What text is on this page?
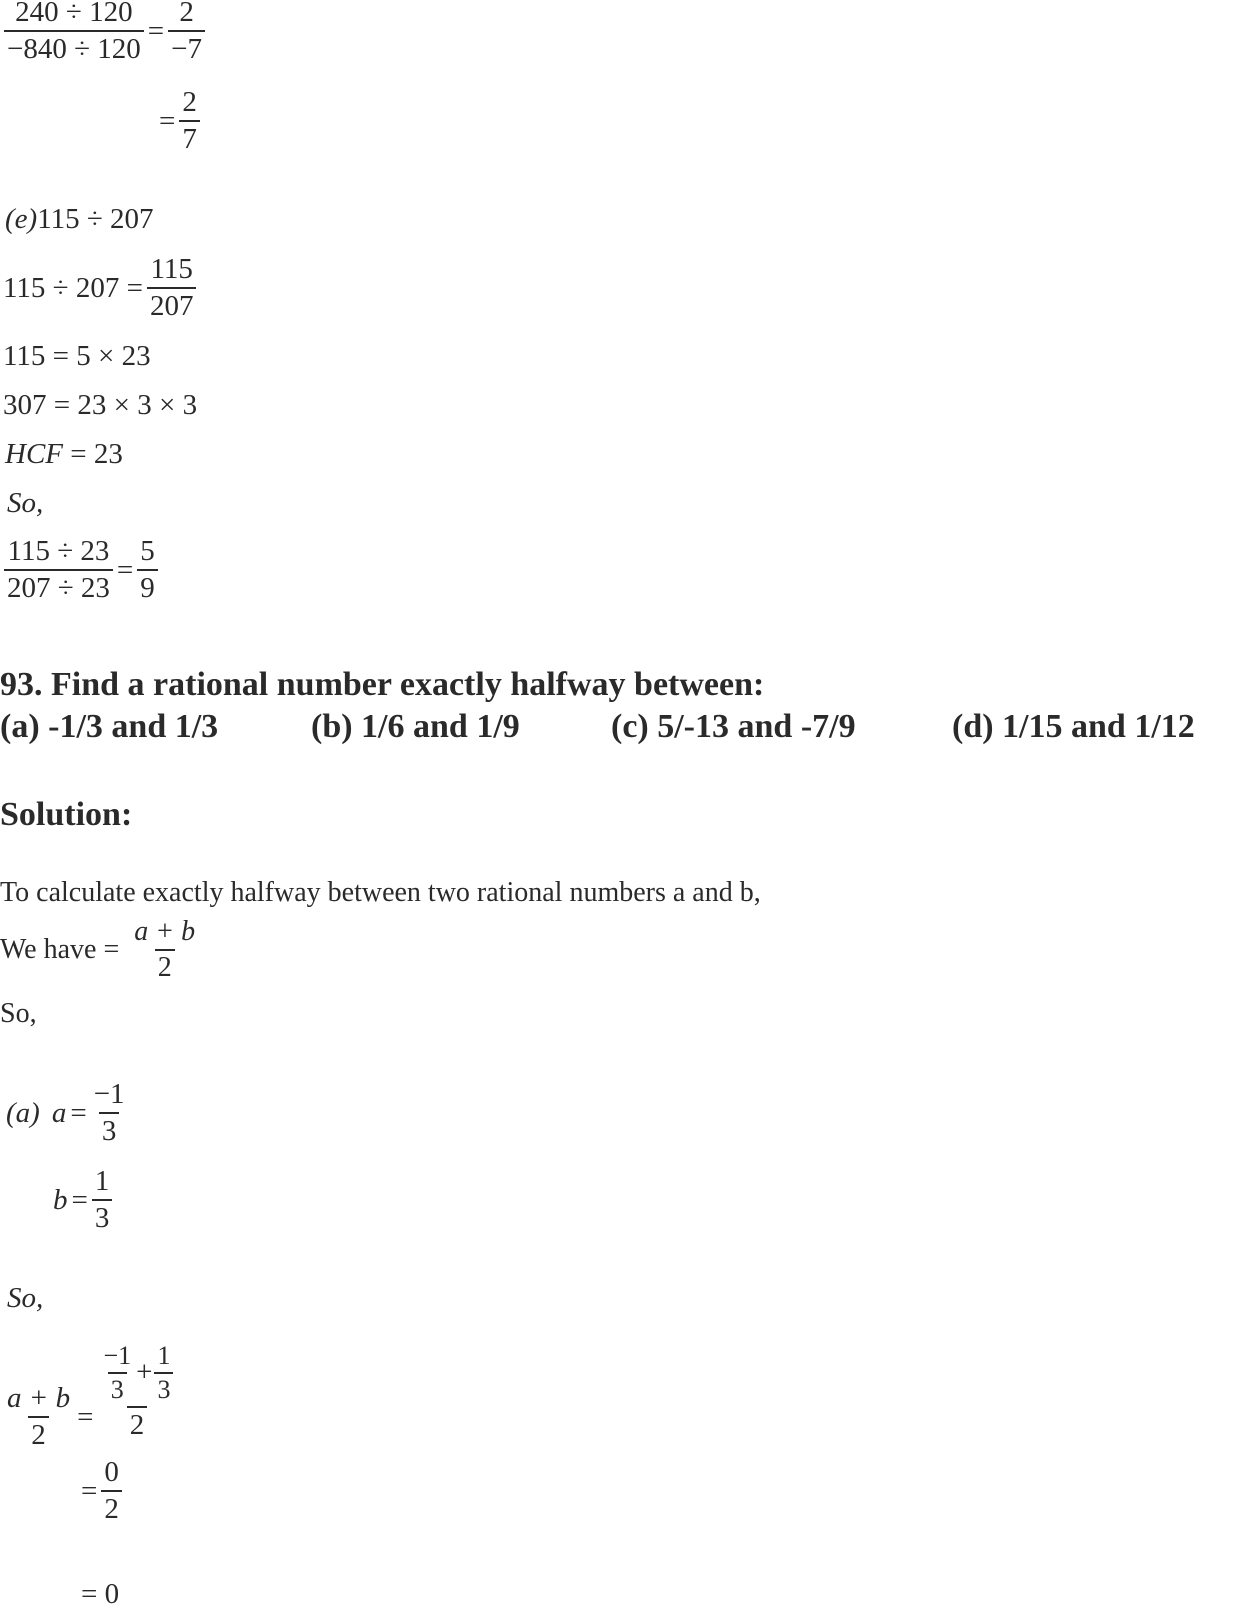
$\frac{240 \div 120}{-840 \div 120} = \frac{2}{-7}$
= $\frac{2}{7}$
(e)115 ÷ 207
$115 \div 207 = \frac{115}{207}$
115 = 5 × 23
307 = 23 × 3 × 3
HCF = 23
So,
$\frac{115 \div 23}{207 \div 23} = \frac{5}{9}$
93. Find a rational number exactly halfway between:
(a) -1/3 and 1/3	(b) 1/6 and 1/9	(c) 5/-13 and -7/9	(d) 1/15 and 1/12
Solution:
To calculate exactly halfway between two rational numbers a and b,
We have = $\frac{a + b}{2}$
So,
(a) $a = \frac{-1}{3}$
$b = \frac{1}{3}$
So,
$\frac{a + b}{2} = \frac{\frac{-1}{3} + \frac{1}{3}}{2}$
= $\frac{0}{2}$
= 0
